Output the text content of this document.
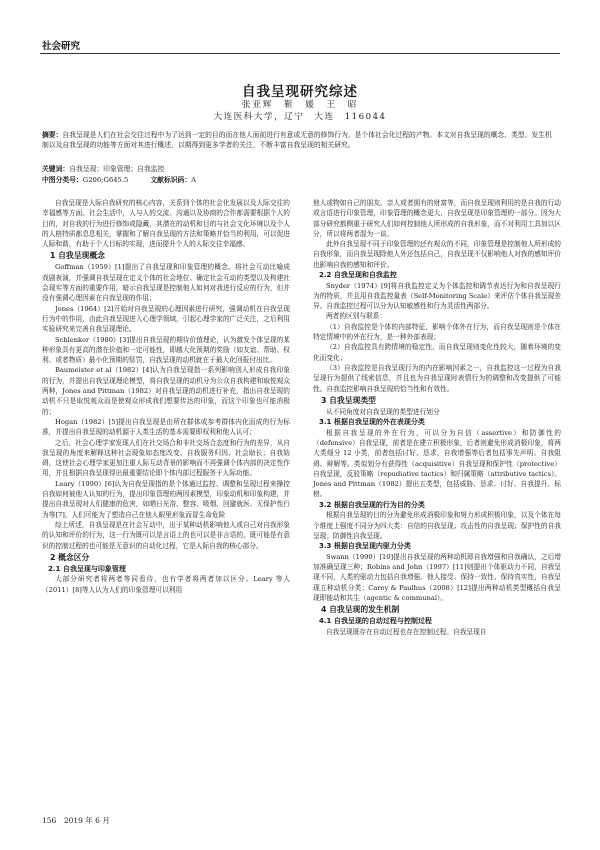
社会研究
自我呈现研究综述
张亚辉　靳　媛　王　昭
大连医科大学，辽宁　大连　116044
摘要：自我呈现是人们在社会交往过程中为了达到一定的目的而在他人面前进行有意或无意的修饰行为，是个体社会化过程的产物。本文对自我呈现的概念、类型、发生机制以及自我呈现的功能等方面对其进行概述，以期得到更多学者的关注，不断丰富自我呈现的相关研究。
关键词：自我呈现；印象管理；自我监控
中图分类号：G206;G645.5	文献标识码：A

自我呈现是人际自我研究的核心内容，关系到个体的社会化发展以及人际交往的幸福感等方面。社会生活中，人与人的交流、沟通以及协商的合作都需要根据个人的目的，对自我的行为进行修饰或隐藏，其潜在的动机和目的与社会文化环境以及个人的人格特质都息息相关，掌握和了解自我呈现的方法和策略并恰当的利用，可以促进人际和谐，有助于个人目标的实现，进而提升个人的人际交往幸福感。

1 自我呈现概念

Goffman（1959）[1]提出了自我呈现和印象管理的概念，将社会互动比喻成戏剧表演，并强调自我呈现在定义个体的社会地位、确定社会互动的类型以及构建社会现实等方面的重要作用，暗示自我呈现是控制他人如何对我进行反应的行为，但并没有强调心理因素在自我呈现的作用；

Jones（1964）[2]开始对自我呈现的心理因素进行研究，强调动机在自我呈现行为中的作用，由此自我呈现进入心理学领域，引起心理学家的广泛关注，之后利用实验研究来完善自我呈现理论。

Schlenker（1980）[3]提出自我呈现的期待价值理论，认为激发个体呈现的某种形象具有更高的潜在价值和一定可能性，即越大化预期的奖励（如友谊、帮助、权利、或者物质）最小化预期的惩罚，自我呈现的动机就在于最大化回报付出比。

Baumeister et al（1982）[4]认为自我呈现指一系列影响别人形成自我印象的行为，并提出自我呈现理论模型，将自我呈现的动机分为公众自我构建和取悦观众两种，Jones and Pittman（1982）对自我呈现的动机进行补充，指出自我呈现的动机不只是取悦观众而是使观众形成我们想要传达的印象，而这个印象也可能消极的；

Hogan（1982）[5]提出自我呈现是由所在群体或参考群体内化而成的行为标准，并提出自我呈现的动机源于人类生活的基本需要即权利和他人认可；

之后，社会心理学家发现人们在社交场合和非社交场合态度和行为的差异，从自我呈现的角度来解释这种社会现象如态度改变、自我服务归因、社会助长；自我妨碍，这使社会心理学家更加注重人际互动背景的影响而不再强调个体内部的决定性作用，并且根据自我呈现得出最重要结论即个体内部过程服务于人际功能。

Leary（1990）[6]认为自我呈现指的是个体通过监控、调整和呈现过程来操控自我如何被他人认知的行为，提出印象管理的两因素模型，印象动机和印象构建，并提出自我呈现对人们健康的危害，如晒日光浴、整容、吸烟、回避就医、无保护性行为等[7]，人们可能为了塑造自己在他人眼里形象而冒生命危险

综上所述，自我呈现是在社会互动中，出于某种动机影响他人或自己对自我形象的认知和评价的行为，这一行为既可以是言语上的也可以是非言语的，既可能是有意识的控制过程的也可能是无意识的自动化过程，它是人际自我的核心部分。

2 概念区分
2.1 自我呈现与印象管理

大部分研究者将两者等同看待，也有学者将两者加以区分。Leary 等人（2011）[8]等人认为人们的印象管理可以利用

他人或物如自己的朋友、亲人或者拥有的财富等，而自我呈现则利用的是自我的行动或言语进行印象管理，印象管理的概念更大，自我呈现是印象管理的一部分。因为大部分研究都侧重于研究人们如何控制他人所形成的自我形象，而不对利用工具加以区分，所以将两者混为一谈。

此外自我呈现不同于印象管理的还有观众的不同，印象管理是控制他人所形成的自我形象，而自我呈现除他人外还包括自己，自我呈现不仅影响他人对我的感知评价也影响自我的感知和评价。

2.2 自我呈现和自我监控

Snyder（1974）[9]将自我监控定义为个体监控和调节表达行为和自我呈现行为的特质，并且用自我监控量表（Self-Monitoring Scale）来评估个体自我呈现差异。自我监控过程可以分为认知敏感性和行为灵活性两部分。

两者的区别与联系：

（1）自我监控是个体的内部特征，影响个体外在行为，而自我呈现则是个体在特定情境中的外在行为，是一种外部表现；

（2）自我监控具有跨情境的稳定性，而自我呈现则变化性较大，随着环境的变化而变化；

（3）自我监控是自我呈现行为的内在影响因素之一，自我监控这一过程为自我呈现行为提供了线索信息，并且也为自我呈现时表情行为的调整和改变提供了可能性。自我监控影响自我呈现的恰当性和有效性。

3 自我呈现类型

从不同角度对自我呈现的类型进行划分

3.1 根据自我呈现的外在表现分类

根据自我呈现的外在行为，可以分为自信（assertive）和防御性的（defensive）自我呈现，前者是在建立积极形象，后者则避免形成消极印象，将两大类细分 12 小类，前者包括讨好、恳求、自我增强等后者包括事先声明、自我阻碍、辩解等。类似划分有获得性（acquisitive）自我呈现和保护性（protective）自我呈现，反驳策略（repudiative tactics）和归属策略（attributive tactics）。Jones and Pittman（1982）提出五类型，包括威胁、恳求、讨好、自我提升、标榜。

3.2 根据自我呈现的行为目的分类

根据自我呈现的目的分为避免形成消极印象和努力形成积极印象，以及个体在每个维度上强度不同分为四大类：自信的自我呈现；攻击性的自我呈现；保护性的自我呈现；防御性自我呈现。

3.3 根据自我呈现内驱力分类

Swann（1990）[10]提出自我呈现的两种动机即自我增强和自我确认，之后增加准确呈现三种；Robins and John（1997）[11]则提出个体驱动力不同，自我呈现不同，人类的驱动力包括自我增强、他人接受、保持一致性、保持真实性，自我呈现五种动机分类；Carey & Paulhus（2008）[12]提出两种动机类型概括自我呈现即能动和共生（agentic & communal）。

4 自我呈现的发生机制
4.1 自我呈现的自动过程与控制过程

自我呈现既存在自动过程也存在控制过程。自我呈现自

156　2019 年 6 月
